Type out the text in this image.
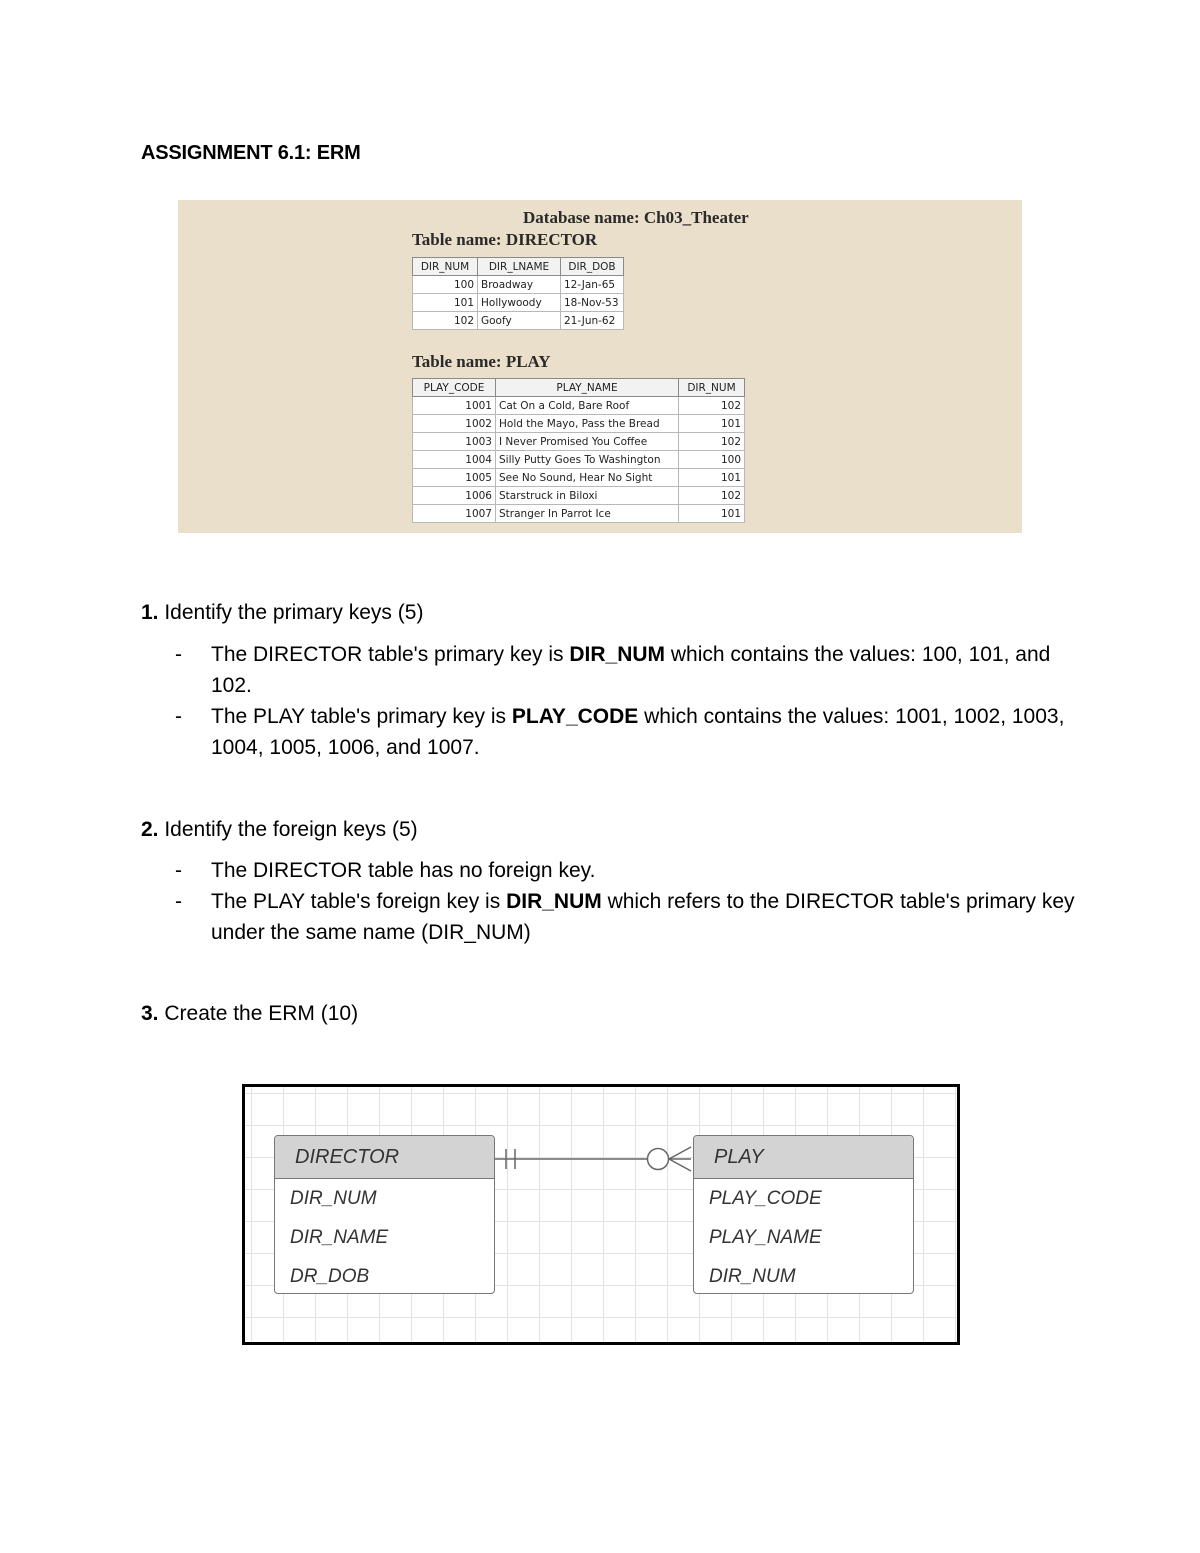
ASSIGNMENT 6.1: ERM
Database name: Ch03_Theater
Table name: DIRECTOR
DIR_NUM	DIR_LNAME	DIR_DOB
100	Broadway	12-Jan-65
101	Hollywoody	18-Nov-53
102	Goofy	21-Jun-62
Table name: PLAY
PLAY_CODE	PLAY_NAME	DIR_NUM
1001	Cat On a Cold, Bare Roof	102
1002	Hold the Mayo, Pass the Bread	101
1003	I Never Promised You Coffee	102
1004	Silly Putty Goes To Washington	100
1005	See No Sound, Hear No Sight	101
1006	Starstruck in Biloxi	102
1007	Stranger In Parrot Ice	101
1. Identify the primary keys (5)
- The DIRECTOR table's primary key is DIR_NUM which contains the values: 100, 101, and 102.
- The PLAY table's primary key is PLAY_CODE which contains the values: 1001, 1002, 1003, 1004, 1005, 1006, and 1007.
2. Identify the foreign keys (5)
- The DIRECTOR table has no foreign key.
- The PLAY table's foreign key is DIR_NUM which refers to the DIRECTOR table's primary key under the same name (DIR_NUM)
3. Create the ERM (10)
DIRECTOR
DIR_NUM
DIR_NAME
DR_DOB
PLAY
PLAY_CODE
PLAY_NAME
DIR_NUM
